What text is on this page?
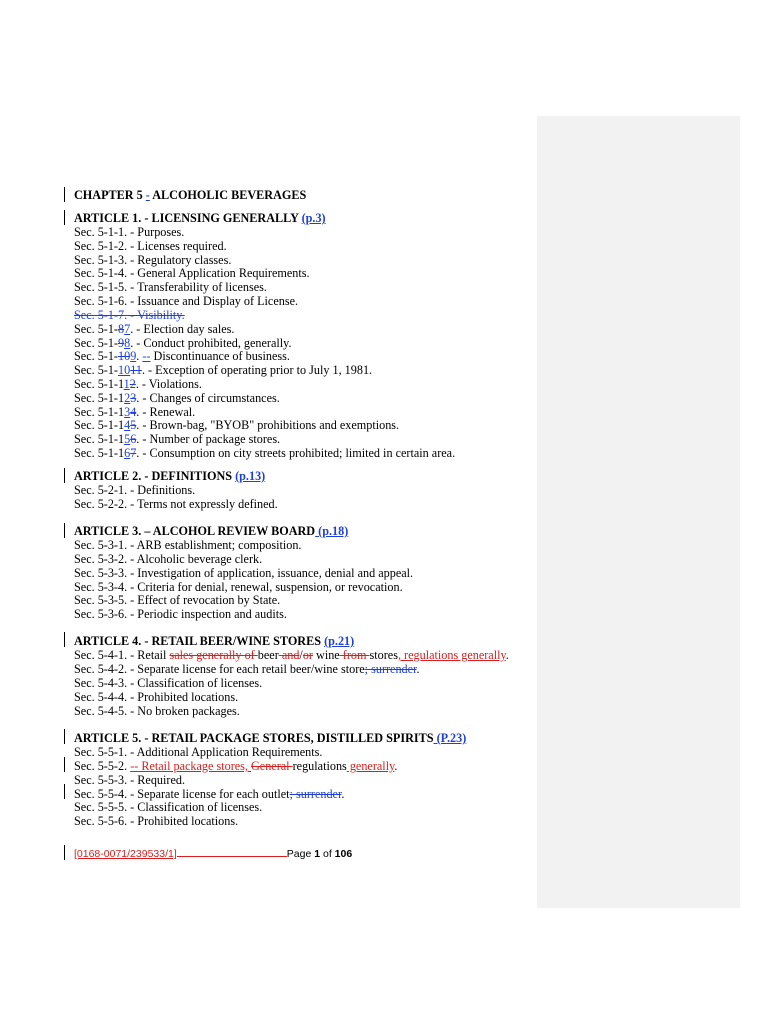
CHAPTER 5 - ALCOHOLIC BEVERAGES
ARTICLE 1. - LICENSING GENERALLY (p.3)
Sec. 5-1-1. - Purposes.
Sec. 5-1-2. - Licenses required.
Sec. 5-1-3. - Regulatory classes.
Sec. 5-1-4. - General Application Requirements.
Sec. 5-1-5. - Transferability of licenses.
Sec. 5-1-6. - Issuance and Display of License.
Sec. 5-1-7. - Visibility.
Sec. 5-1-87. - Election day sales.
Sec. 5-1-98. - Conduct prohibited, generally.
Sec. 5-1-109. -- Discontinuance of business.
Sec. 5-1-1011. - Exception of operating prior to July 1, 1981.
Sec. 5-1-112. - Violations.
Sec. 5-1-123. - Changes of circumstances.
Sec. 5-1-134. - Renewal.
Sec. 5-1-145. - Brown-bag, "BYOB" prohibitions and exemptions.
Sec. 5-1-156. - Number of package stores.
Sec. 5-1-167. - Consumption on city streets prohibited; limited in certain area.
ARTICLE 2. - DEFINITIONS (p.13)
Sec. 5-2-1. - Definitions.
Sec. 5-2-2. - Terms not expressly defined.
ARTICLE 3. – ALCOHOL REVIEW BOARD (p.18)
Sec. 5-3-1. - ARB establishment; composition.
Sec. 5-3-2. - Alcoholic beverage clerk.
Sec. 5-3-3. - Investigation of application, issuance, denial and appeal.
Sec. 5-3-4. - Criteria for denial, renewal, suspension, or revocation.
Sec. 5-3-5. - Effect of revocation by State.
Sec. 5-3-6. - Periodic inspection and audits.
ARTICLE 4. - RETAIL BEER/WINE STORES (p.21)
Sec. 5-4-1. - Retail sales generally of beer and/or wine from stores, regulations generally.
Sec. 5-4-2. - Separate license for each retail beer/wine store; surrender.
Sec. 5-4-3. - Classification of licenses.
Sec. 5-4-4. - Prohibited locations.
Sec. 5-4-5. - No broken packages.
ARTICLE 5. - RETAIL PACKAGE STORES, DISTILLED SPIRITS (P.23)
Sec. 5-5-1. - Additional Application Requirements.
Sec. 5-5-2. -- Retail package stores, General regulations generally.
Sec. 5-5-3. - Required.
Sec. 5-5-4. - Separate license for each outlet; surrender.
Sec. 5-5-5. - Classification of licenses.
Sec. 5-5-6. - Prohibited locations.
[0168-0071/239533/1]	Page 1 of 106
